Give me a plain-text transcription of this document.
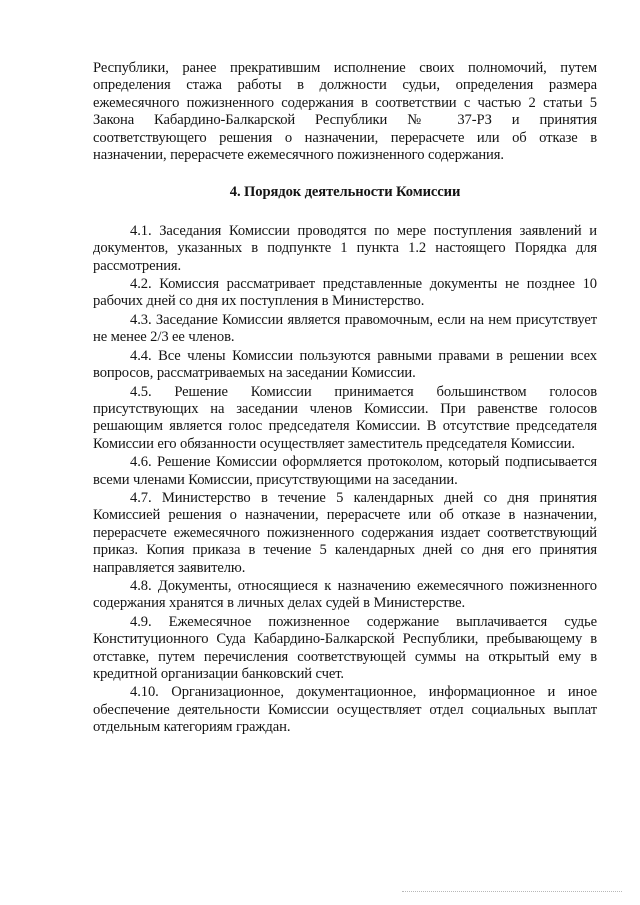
Республики, ранее прекратившим исполнение своих полномочий, путем определения стажа работы в должности судьи, определения размера ежемесячного пожизненного содержания в соответствии с частью 2 статьи 5 Закона Кабардино-Балкарской Республики № 37-РЗ и принятия соответствующего решения о назначении, перерасчете или об отказе в назначении, перерасчете ежемесячного пожизненного содержания.

4. Порядок деятельности Комиссии

4.1. Заседания Комиссии проводятся по мере поступления заявлений и документов, указанных в подпункте 1 пункта 1.2 настоящего Порядка для рассмотрения.

4.2. Комиссия рассматривает представленные документы не позднее 10 рабочих дней со дня их поступления в Министерство.

4.3. Заседание Комиссии является правомочным, если на нем присутствует не менее 2/3 ее членов.

4.4. Все члены Комиссии пользуются равными правами в решении всех вопросов, рассматриваемых на заседании Комиссии.

4.5. Решение Комиссии принимается большинством голосов присутствующих на заседании членов Комиссии. При равенстве голосов решающим является голос председателя Комиссии. В отсутствие председателя Комиссии его обязанности осуществляет заместитель председателя Комиссии.

4.6. Решение Комиссии оформляется протоколом, который подписывается всеми членами Комиссии, присутствующими на заседании.

4.7. Министерство в течение 5 календарных дней со дня принятия Комиссией решения о назначении, перерасчете или об отказе в назначении, перерасчете ежемесячного пожизненного содержания издает соответствующий приказ. Копия приказа в течение 5 календарных дней со дня его принятия направляется заявителю.

4.8. Документы, относящиеся к назначению ежемесячного пожизненного содержания хранятся в личных делах судей в Министерстве.

4.9. Ежемесячное пожизненное содержание выплачивается судье Конституционного Суда Кабардино-Балкарской Республики, пребывающему в отставке, путем перечисления соответствующей суммы на открытый ему в кредитной организации банковский счет.

4.10. Организационное, документационное, информационное и иное обеспечение деятельности Комиссии осуществляет отдел социальных выплат отдельным категориям граждан.
